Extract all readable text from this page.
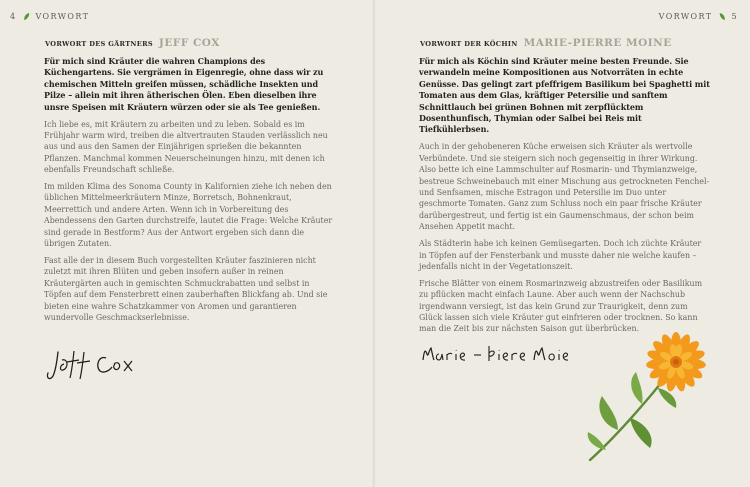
4 VORWORT
VORWORT DES GÄRTNERS JEFF COX

Für mich sind Kräuter die wahren Champions des Küchengartens. Sie vergrämen in Eigenregie, ohne dass wir zu chemischen Mitteln greifen müssen, schädliche Insekten und Pilze – allein mit ihren ätherischen Ölen. Eben dieselben ihre unsre Speisen mit Kräutern würzen oder sie als Tee genießen.

Ich liebe es, mit Kräutern zu arbeiten und zu leben. Sobald es im Frühjahr warm wird, treiben die altvertrauten Stauden verlässlich neu aus und aus den Samen der Einjährigen sprießen die bekannten Pflanzen. Manchmal kommen Neuerscheinungen hinzu, mit denen ich ebenfalls Freundschaft schließe.

Im milden Klima des Sonoma County in Kalifornien ziehe ich neben den üblichen Mittelmeerkräutern Minze, Borretsch, Bohnenkraut, Meerrettich und andere Arten. Wenn ich in Vorbereitung des Abendessens den Garten durchstreife, lautet die Frage: Welche Kräuter sind gerade in Bestform? Aus der Antwort ergeben sich dann die übrigen Zutaten.

Fast alle der in diesem Buch vorgestellten Kräuter faszinieren nicht zuletzt mit ihren Blüten und geben insofern außer in reinen Kräutergärten auch in gemischten Schmuckrabatten und selbst in Töpfen auf dem Fensterbrett einen zauberhaften Blickfang ab. Und sie bieten eine wahre Schatzkammer von Aromen und garantieren wundervolle Geschmackserlebnisse.

VORWORT 5
VORWORT DER KÖCHIN MARIE-PIERRE MOINE

Für mich als Köchin sind Kräuter meine besten Freunde. Sie verwandeln meine Kompositionen aus Notvorräten in echte Genüsse. Das gelingt zart pfeffrigem Basilikum bei Spaghetti mit Tomaten aus dem Glas, kräftiger Petersilie und sanftem Schnittlauch bei grünen Bohnen mit zerpflücktem Dosenthunfisch, Thymian oder Salbei bei Reis mit Tiefkühlerbsen.

Auch in der gehobeneren Küche erweisen sich Kräuter als wertvolle Verbündete. Und sie steigern sich noch gegenseitig in ihrer Wirkung. Also bette ich eine Lammschulter auf Rosmarin- und Thymianzweige, bestreue Schweinebauch mit einer Mischung aus getrockneten Fenchel- und Senfsamen, mische Estragon und Petersilie im Duo unter geschmorte Tomaten. Ganz zum Schluss noch ein paar frische Kräuter darübergestreut, und fertig ist ein Gaumenschmaus, der schon beim Ansehen Appetit macht.

Als Städterin habe ich keinen Gemüsegarten. Doch ich züchte Kräuter in Töpfen auf der Fensterbank und musste daher nie welche kaufen – jedenfalls nicht in der Vegetationszeit.

Frische Blätter von einem Rosmarinzweig abzustreifen oder Basilikum zu pflücken macht einfach Laune. Aber auch wenn der Nachschub irgendwann versiegt, ist das kein Grund zur Traurigkeit, denn zum Glück lassen sich viele Kräuter gut einfrieren oder trocknen. So kann man die Zeit bis zur nächsten Saison gut überbrücken.
